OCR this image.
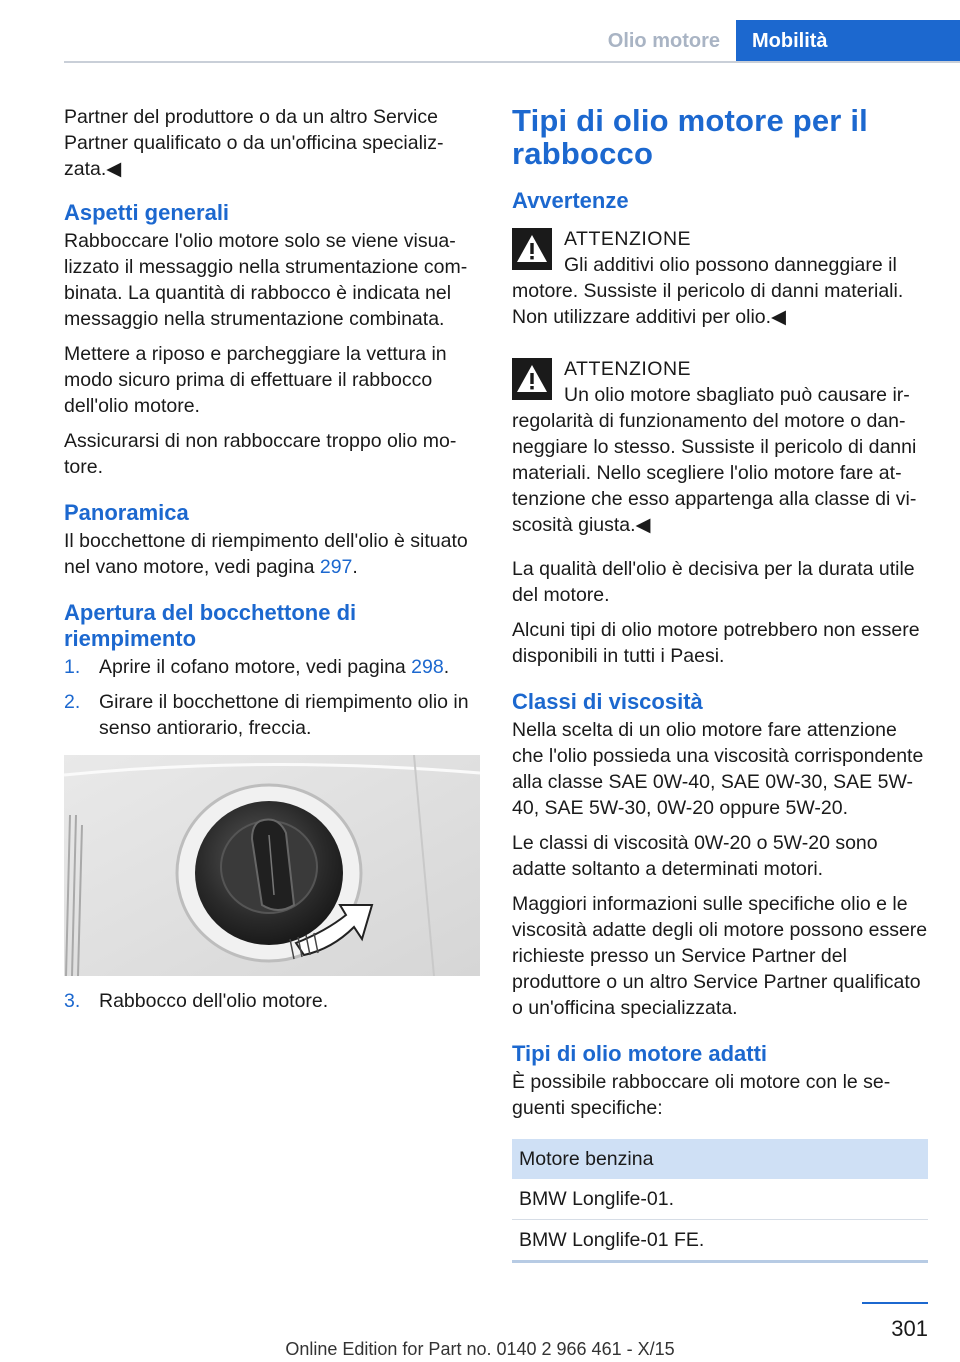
Olio motore	Mobilità

Partner del produttore o da un altro Service Partner qualificato o da un'officina specializzata.◀

Aspetti generali

Rabboccare l'olio motore solo se viene visualizzato il messaggio nella strumentazione combinata. La quantità di rabbocco è indicata nel messaggio nella strumentazione combinata.

Mettere a riposo e parcheggiare la vettura in modo sicuro prima di effettuare il rabbocco dell'olio motore.

Assicurarsi di non rabboccare troppo olio motore.

Panoramica

Il bocchettone di riempimento dell'olio è situato nel vano motore, vedi pagina 297.

Apertura del bocchettone di riempimento
1. Aprire il cofano motore, vedi pagina 298.
2. Girare il bocchettone di riempimento olio in senso antiorario, freccia.
3. Rabbocco dell'olio motore.
Tipi di olio motore per il rabbocco
Avvertenze
ATTENZIONE

Gli additivi olio possono danneggiare il motore. Sussiste il pericolo di danni materiali. Non utilizzare additivi per olio.◀

ATTENZIONE

Un olio motore sbagliato può causare irregolarità di funzionamento del motore o danneggiare lo stesso. Sussiste il pericolo di danni materiali. Nello scegliere l'olio motore fare attenzione che esso appartenga alla classe di viscosità giusta.◀

La qualità dell'olio è decisiva per la durata utile del motore.

Alcuni tipi di olio motore potrebbero non essere disponibili in tutti i Paesi.

Classi di viscosità

Nella scelta di un olio motore fare attenzione che l'olio possieda una viscosità corrispondente alla classe SAE 0W-40, SAE 0W-30, SAE 5W-40, SAE 5W-30, 0W-20 oppure 5W-20.

Le classi di viscosità 0W-20 o 5W-20 sono adatte soltanto a determinati motori.

Maggiori informazioni sulle specifiche olio e le viscosità adatte degli oli motore possono essere richieste presso un Service Partner del produttore o un altro Service Partner qualificato o un'officina specializzata.

Tipi di olio motore adatti

È possibile rabboccare oli motore con le seguenti specifiche:

Motore benzina
BMW Longlife-01.
BMW Longlife-01 FE.
301
Online Edition for Part no. 0140 2 966 461 - X/15
